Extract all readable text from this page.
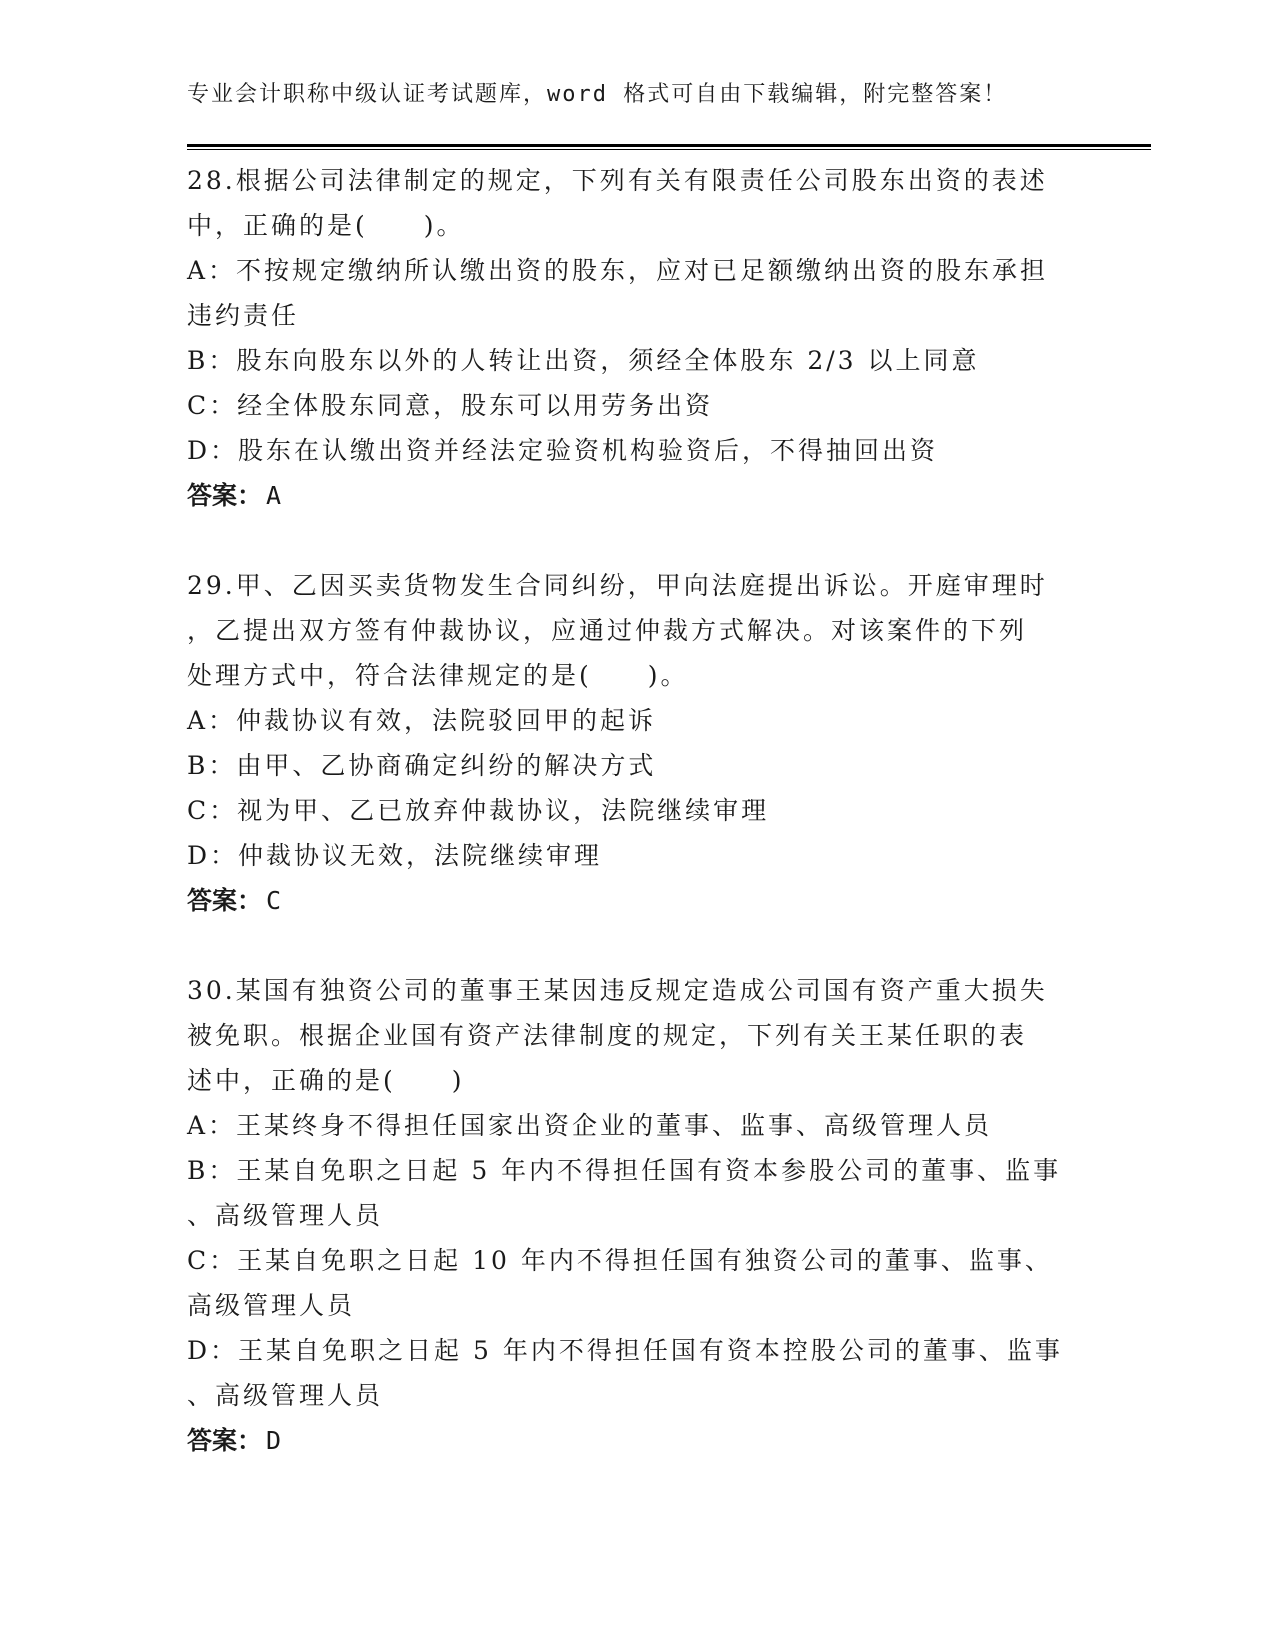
专业会计职称中级认证考试题库，word 格式可自由下载编辑，附完整答案！
28.根据公司法律制定的规定，下列有关有限责任公司股东出资的表述
中，正确的是(　　)。
A：不按规定缴纳所认缴出资的股东，应对已足额缴纳出资的股东承担
违约责任
B：股东向股东以外的人转让出资，须经全体股东 2/3 以上同意
C：经全体股东同意，股东可以用劳务出资
D：股东在认缴出资并经法定验资机构验资后，不得抽回出资
答案： A
29.甲、乙因买卖货物发生合同纠纷，甲向法庭提出诉讼。开庭审理时
，乙提出双方签有仲裁协议，应通过仲裁方式解决。对该案件的下列
处理方式中，符合法律规定的是(　　)。
A：仲裁协议有效，法院驳回甲的起诉
B：由甲、乙协商确定纠纷的解决方式
C：视为甲、乙已放弃仲裁协议，法院继续审理
D：仲裁协议无效，法院继续审理
答案： C
30.某国有独资公司的董事王某因违反规定造成公司国有资产重大损失
被免职。根据企业国有资产法律制度的规定，下列有关王某任职的表
述中，正确的是(　　)
A：王某终身不得担任国家出资企业的董事、监事、高级管理人员
B：王某自免职之日起 5 年内不得担任国有资本参股公司的董事、监事
、高级管理人员
C：王某自免职之日起 10 年内不得担任国有独资公司的董事、监事、
高级管理人员
D：王某自免职之日起 5 年内不得担任国有资本控股公司的董事、监事
、高级管理人员
答案： D
